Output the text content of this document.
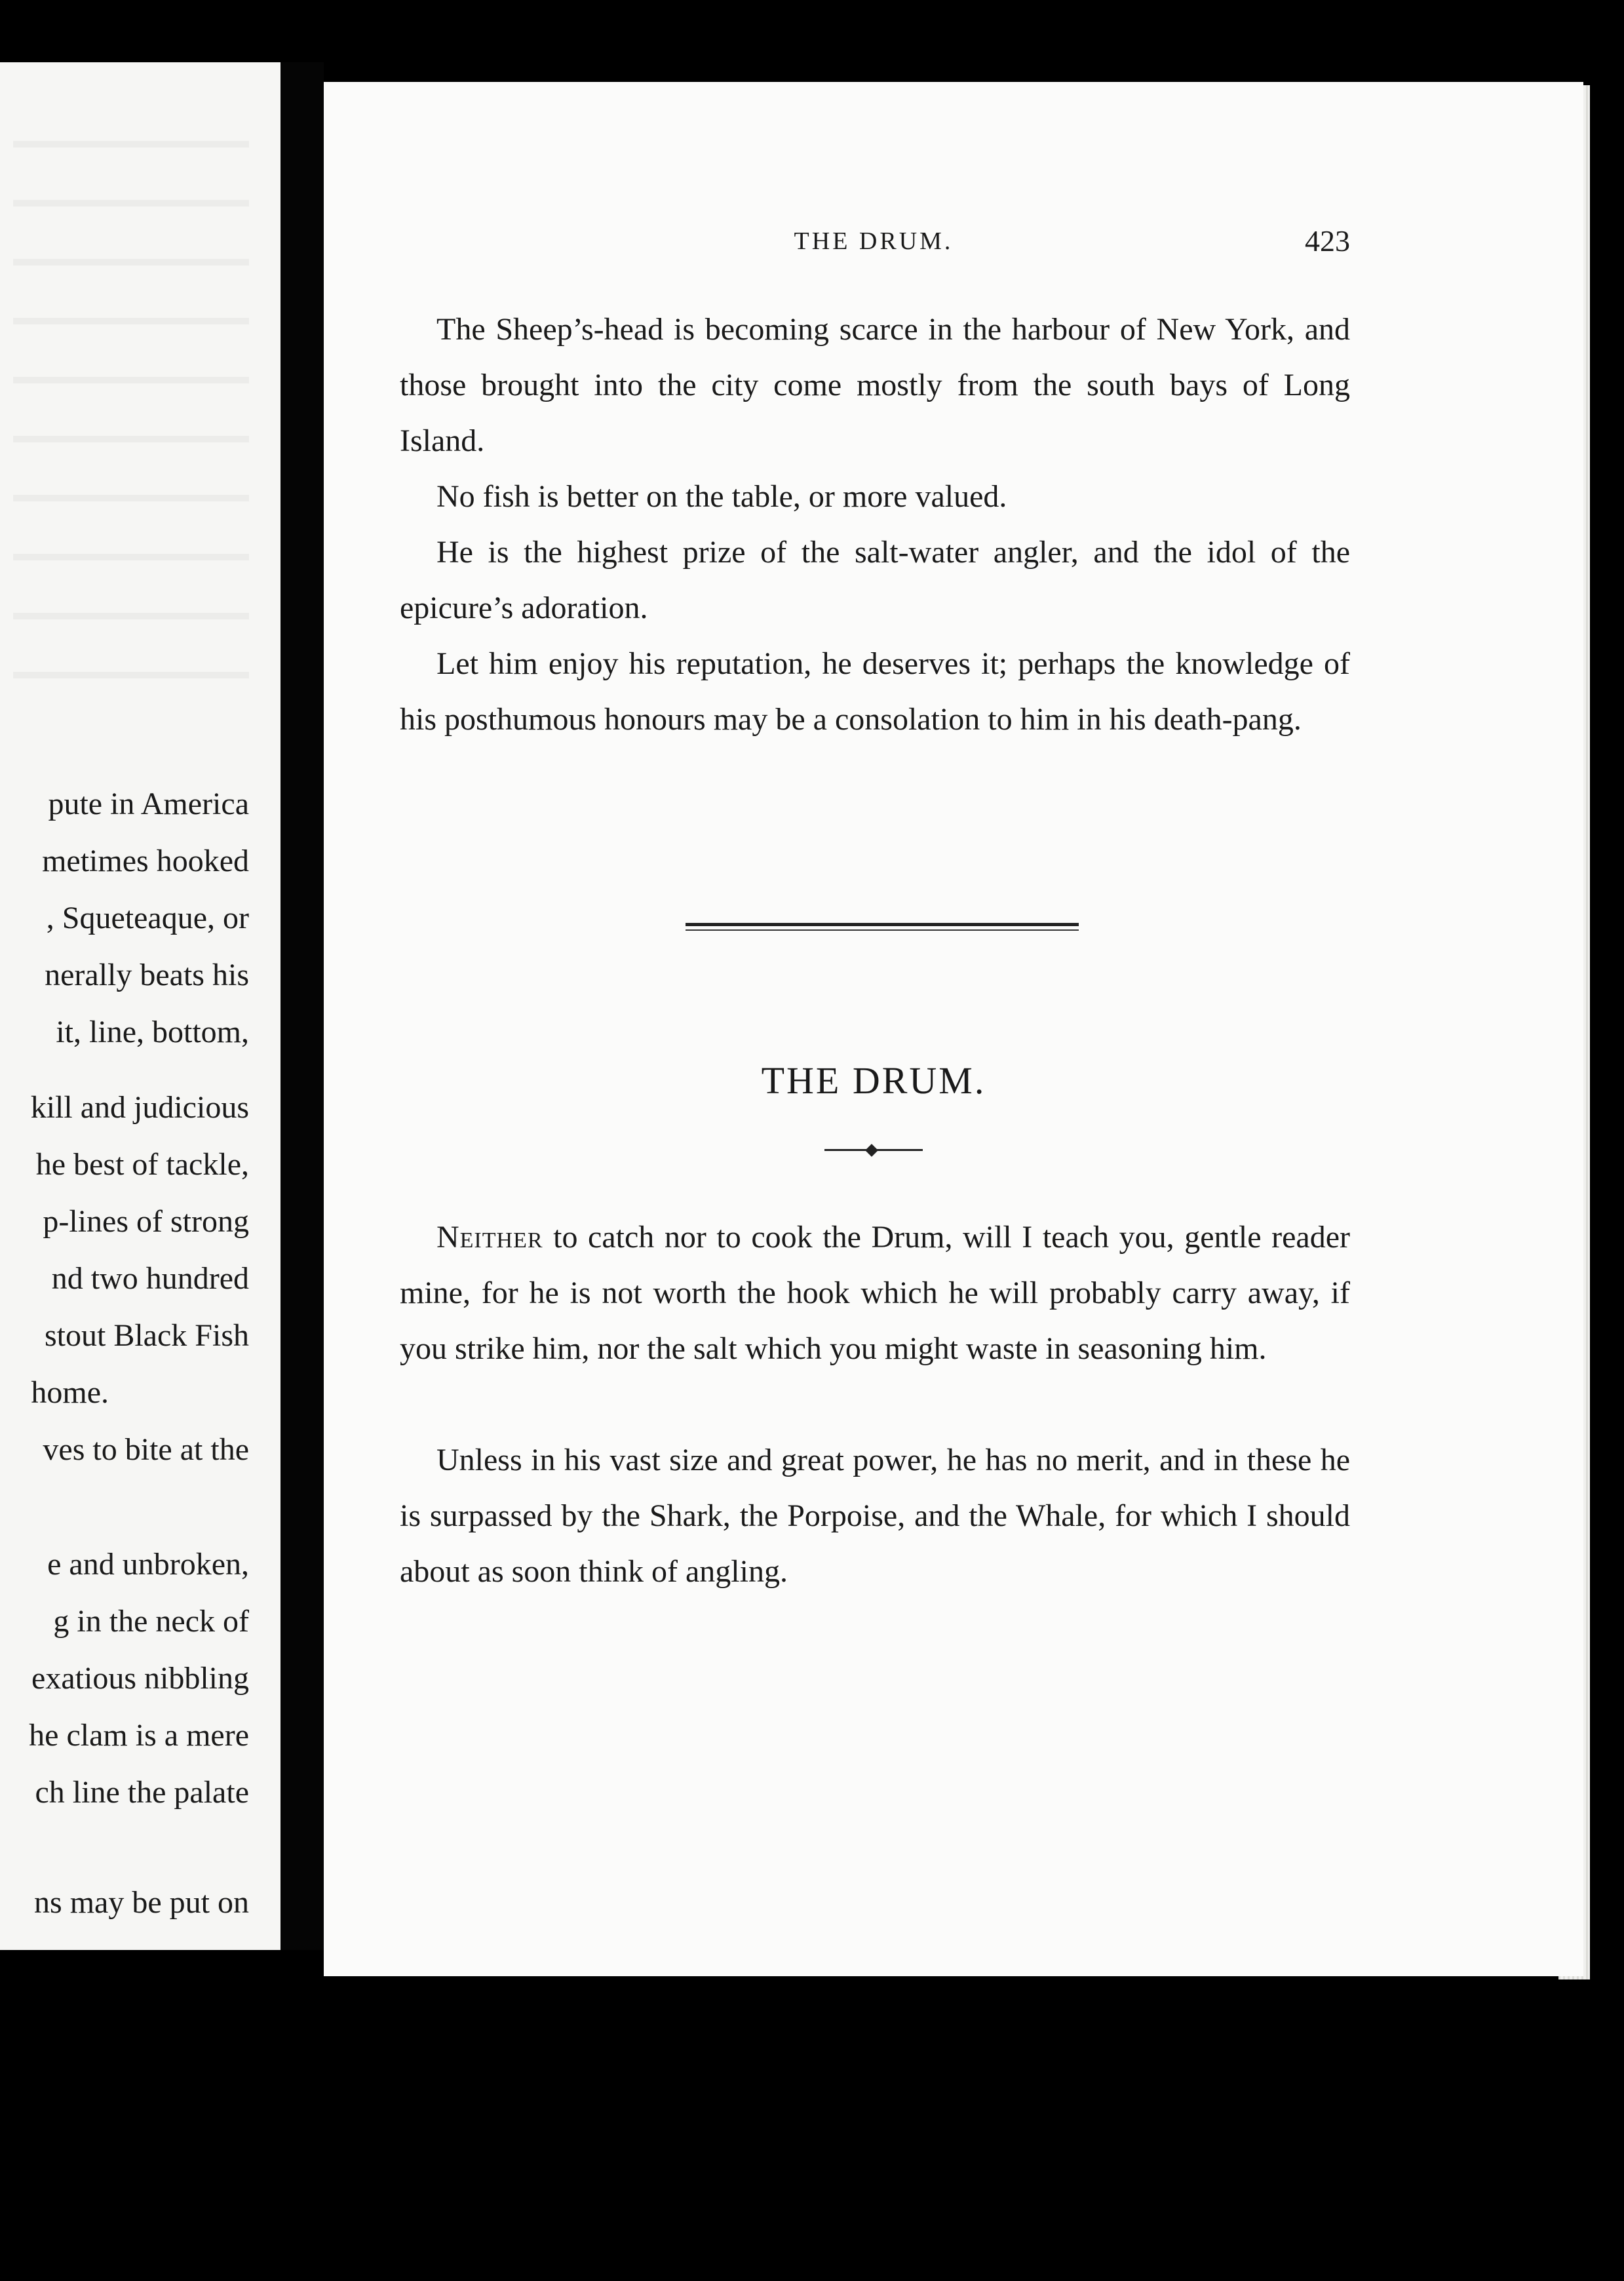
pute in America
metimes hooked
, Squeteaque, or
nerally beats his
it, line, bottom,
kill and judicious
he best of tackle,
p-lines of strong
nd two hundred
stout Black Fish
home.
ves to bite at the
e and unbroken,
g in the neck of
exatious nibbling
he clam is a mere
ch line the palate
ns may be put on
THE DRUM.	423

The Sheep’s-head is becoming scarce in the harbour of New York, and those brought into the city come mostly from the south bays of Long Island.

No fish is better on the table, or more valued.

He is the highest prize of the salt-water angler, and the idol of the epicure’s adoration.

Let him enjoy his reputation, he deserves it; perhaps the knowledge of his posthumous honours may be a consolation to him in his death-pang.

THE DRUM.

Neither to catch nor to cook the Drum, will I teach you, gentle reader mine, for he is not worth the hook which he will probably carry away, if you strike him, nor the salt which you might waste in seasoning him.

Unless in his vast size and great power, he has no merit, and in these he is surpassed by the Shark, the Porpoise, and the Whale, for which I should about as soon think of angling.
